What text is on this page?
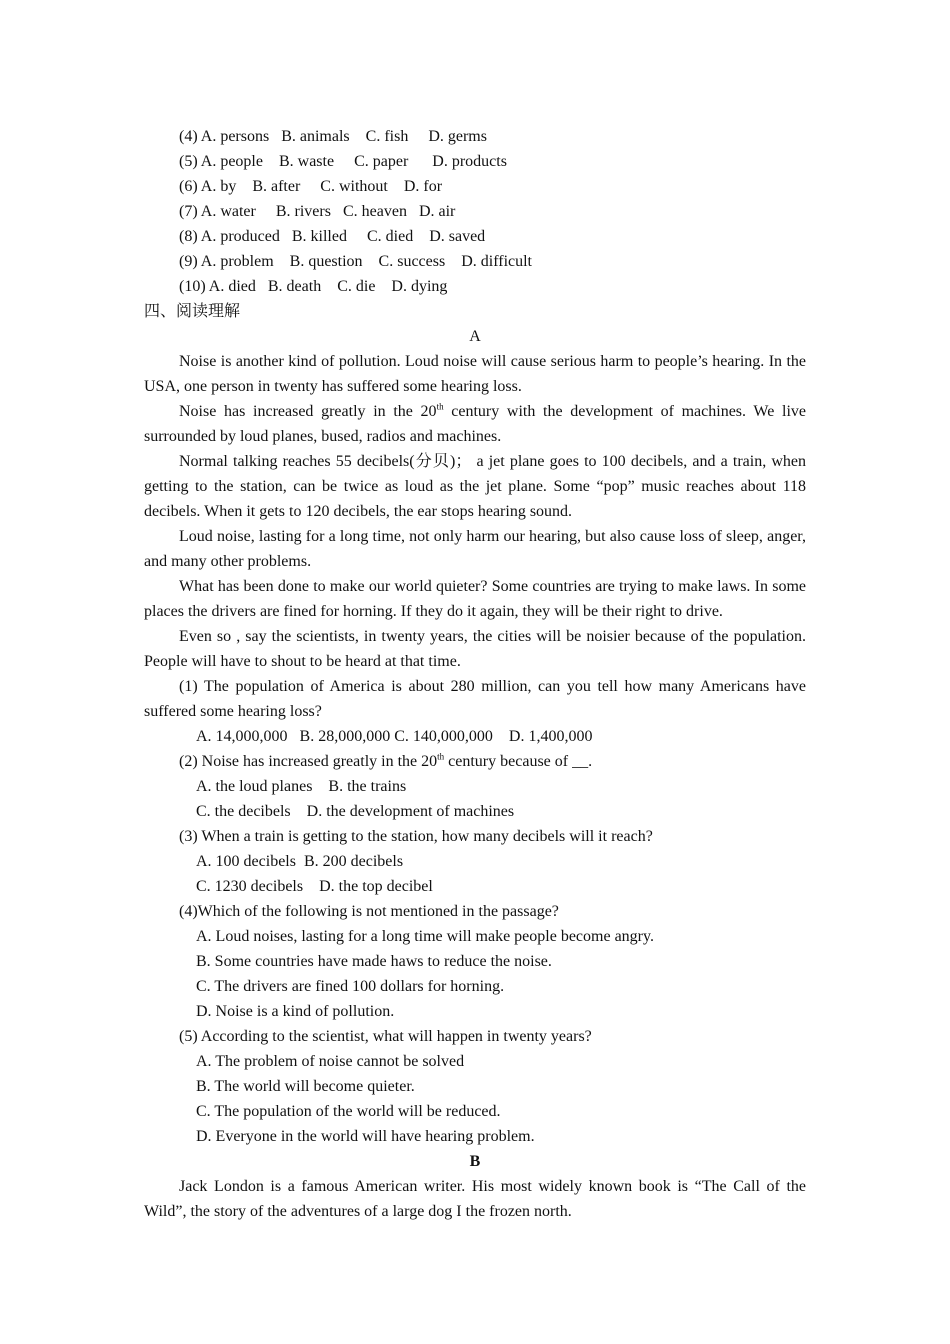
(4) A. persons   B. animals    C. fish     D. germs
(5) A. people    B. waste     C. paper      D. products
(6) A. by    B. after     C. without    D. for
(7) A. water     B. rivers   C. heaven   D. air
(8) A. produced   B. killed     C. died    D. saved
(9) A. problem    B. question    C. success    D. difficult
(10) A. died   B. death    C. die    D. dying
四、阅读理解
A
Noise is another kind of pollution. Loud noise will cause serious harm to people’s hearing. In the USA, one person in twenty has suffered some hearing loss.
Noise has increased greatly in the 20th century with the development of machines. We live surrounded by loud planes, bused, radios and machines.
Normal talking reaches 55 decibels(分贝)； a jet plane goes to 100 decibels, and a train, when getting to the station, can be twice as loud as the jet plane. Some “pop” music reaches about 118 decibels. When it gets to 120 decibels, the ear stops hearing sound.
Loud noise, lasting for a long time, not only harm our hearing, but also cause loss of sleep, anger, and many other problems.
What has been done to make our world quieter? Some countries are trying to make laws. In some places the drivers are fined for horning. If they do it again, they will be their right to drive.
Even so , say the scientists, in twenty years, the cities will be noisier because of the population. People will have to shout to be heard at that time.
(1) The population of America is about 280 million, can you tell how many Americans have suffered some hearing loss?
A. 14,000,000   B. 28,000,000 C. 140,000,000    D. 1,400,000
(2) Noise has increased greatly in the 20th century because of __.
A. the loud planes    B. the trains
C. the decibels    D. the development of machines
(3) When a train is getting to the station, how many decibels will it reach?
A. 100 decibels  B. 200 decibels
C. 1230 decibels    D. the top decibel
(4)Which of the following is not mentioned in the passage?
A. Loud noises, lasting for a long time will make people become angry.
B. Some countries have made haws to reduce the noise.
C. The drivers are fined 100 dollars for horning.
D. Noise is a kind of pollution.
(5) According to the scientist, what will happen in twenty years?
A. The problem of noise cannot be solved
B. The world will become quieter.
C. The population of the world will be reduced.
D. Everyone in the world will have hearing problem.
B
Jack London is a famous American writer. His most widely known book is “The Call of the Wild”, the story of the adventures of a large dog I the frozen north.
